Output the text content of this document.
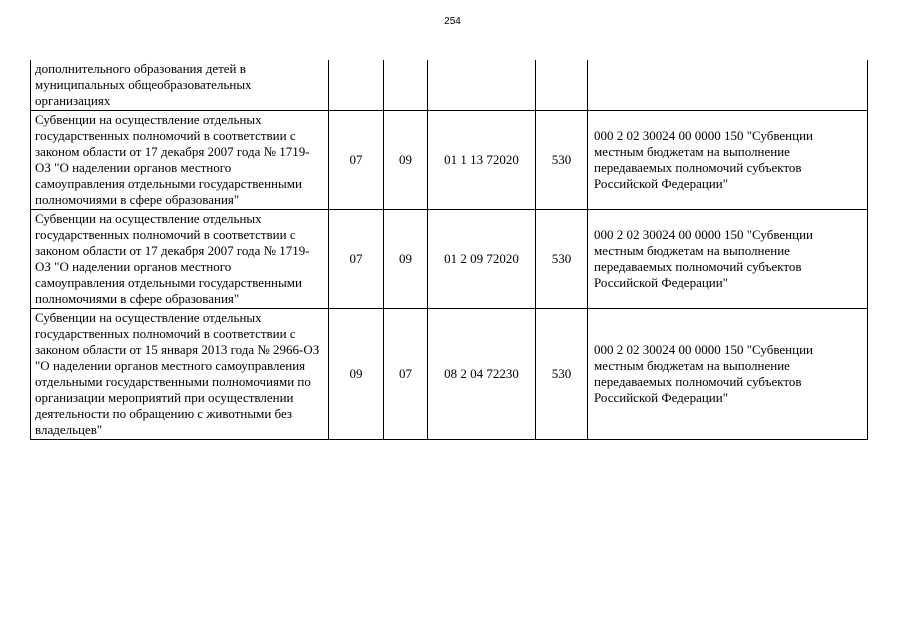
254
дополнительного образования детей в муниципальных общеобразовательных организациях					
Субвенции на осуществление отдельных государственных полномочий в соответствии с законом области от 17 декабря 2007 года № 1719-ОЗ "О наделении органов местного самоуправления отдельными государственными полномочиями в сфере образования"	07	09	01 1 13 72020	530	000 2 02 30024 00 0000 150 "Субвенции местным бюджетам на выполнение передаваемых полномочий субъектов Российской Федерации"
Субвенции на осуществление отдельных государственных полномочий в соответствии с законом области от 17 декабря 2007 года № 1719-ОЗ "О наделении органов местного самоуправления отдельными государственными полномочиями в сфере образования"	07	09	01 2 09 72020	530	000 2 02 30024 00 0000 150 "Субвенции местным бюджетам на выполнение передаваемых полномочий субъектов Российской Федерации"
Субвенции на осуществление отдельных государственных полномочий в соответствии с законом области от 15 января 2013 года № 2966-ОЗ "О наделении органов местного самоуправления отдельными государственными полномочиями по организации мероприятий при осуществлении деятельности по обращению с животными без владельцев"	09	07	08 2 04 72230	530	000 2 02 30024 00 0000 150 "Субвенции местным бюджетам на выполнение передаваемых полномочий субъектов Российской Федерации"
